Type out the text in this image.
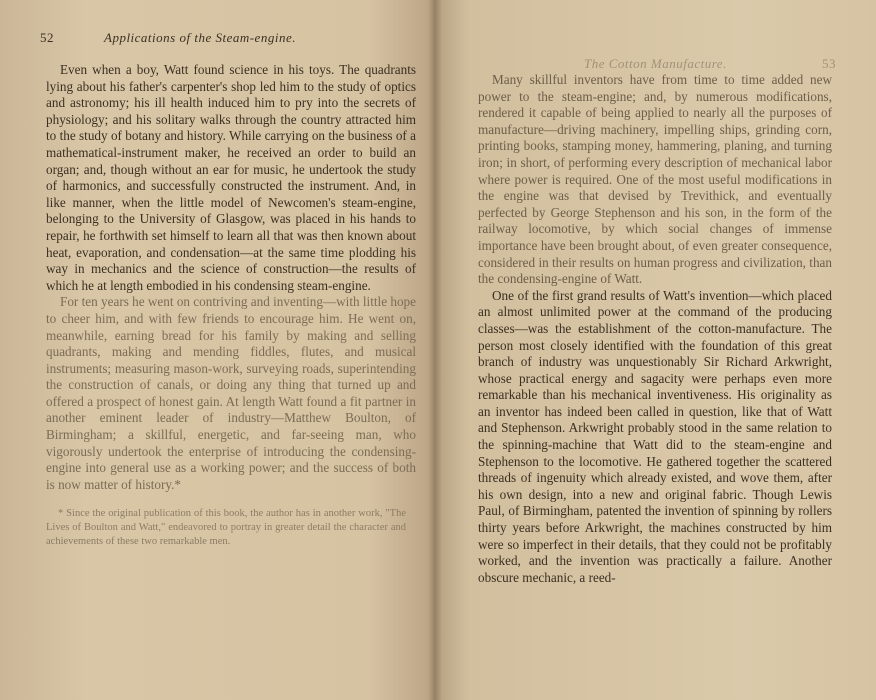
52	Applications of the Steam-engine.

Even when a boy, Watt found science in his toys. The quadrants lying about his father's carpenter's shop led him to the study of optics and astronomy; his ill health induced him to pry into the secrets of physiology; and his solitary walks through the country attracted him to the study of botany and history. While carrying on the business of a mathematical-instrument maker, he received an order to build an organ; and, though without an ear for music, he undertook the study of harmonics, and successfully constructed the instrument. And, in like manner, when the little model of Newcomen's steam-engine, belonging to the University of Glasgow, was placed in his hands to repair, he forthwith set himself to learn all that was then known about heat, evaporation, and condensation—at the same time plodding his way in mechanics and the science of construction—the results of which he at length embodied in his condensing steam-engine.

For ten years he went on contriving and inventing—with little hope to cheer him, and with few friends to encourage him. He went on, meanwhile, earning bread for his family by making and selling quadrants, making and mending fiddles, flutes, and musical instruments; measuring mason-work, surveying roads, superintending the construction of canals, or doing any thing that turned up and offered a prospect of honest gain. At length Watt found a fit partner in another eminent leader of industry—Matthew Boulton, of Birmingham; a skillful, energetic, and far-seeing man, who vigorously undertook the enterprise of introducing the condensing-engine into general use as a working power; and the success of both is now matter of history.*

* Since the original publication of this book, the author has in another work, "The Lives of Boulton and Watt," endeavored to portray in greater detail the character and achievements of these two remarkable men.
The Cotton Manufacture.	53

Many skillful inventors have from time to time added new power to the steam-engine; and, by numerous modifications, rendered it capable of being applied to nearly all the purposes of manufacture—driving machinery, impelling ships, grinding corn, printing books, stamping money, hammering, planing, and turning iron; in short, of performing every description of mechanical labor where power is required. One of the most useful modifications in the engine was that devised by Trevithick, and eventually perfected by George Stephenson and his son, in the form of the railway locomotive, by which social changes of immense importance have been brought about, of even greater consequence, considered in their results on human progress and civilization, than the condensing-engine of Watt.

One of the first grand results of Watt's invention—which placed an almost unlimited power at the command of the producing classes—was the establishment of the cotton-manufacture. The person most closely identified with the foundation of this great branch of industry was unquestionably Sir Richard Arkwright, whose practical energy and sagacity were perhaps even more remarkable than his mechanical inventiveness. His originality as an inventor has indeed been called in question, like that of Watt and Stephenson. Arkwright probably stood in the same relation to the spinning-machine that Watt did to the steam-engine and Stephenson to the locomotive. He gathered together the scattered threads of ingenuity which already existed, and wove them, after his own design, into a new and original fabric. Though Lewis Paul, of Birmingham, patented the invention of spinning by rollers thirty years before Arkwright, the machines constructed by him were so imperfect in their details, that they could not be profitably worked, and the invention was practically a failure. Another obscure mechanic, a reed-
